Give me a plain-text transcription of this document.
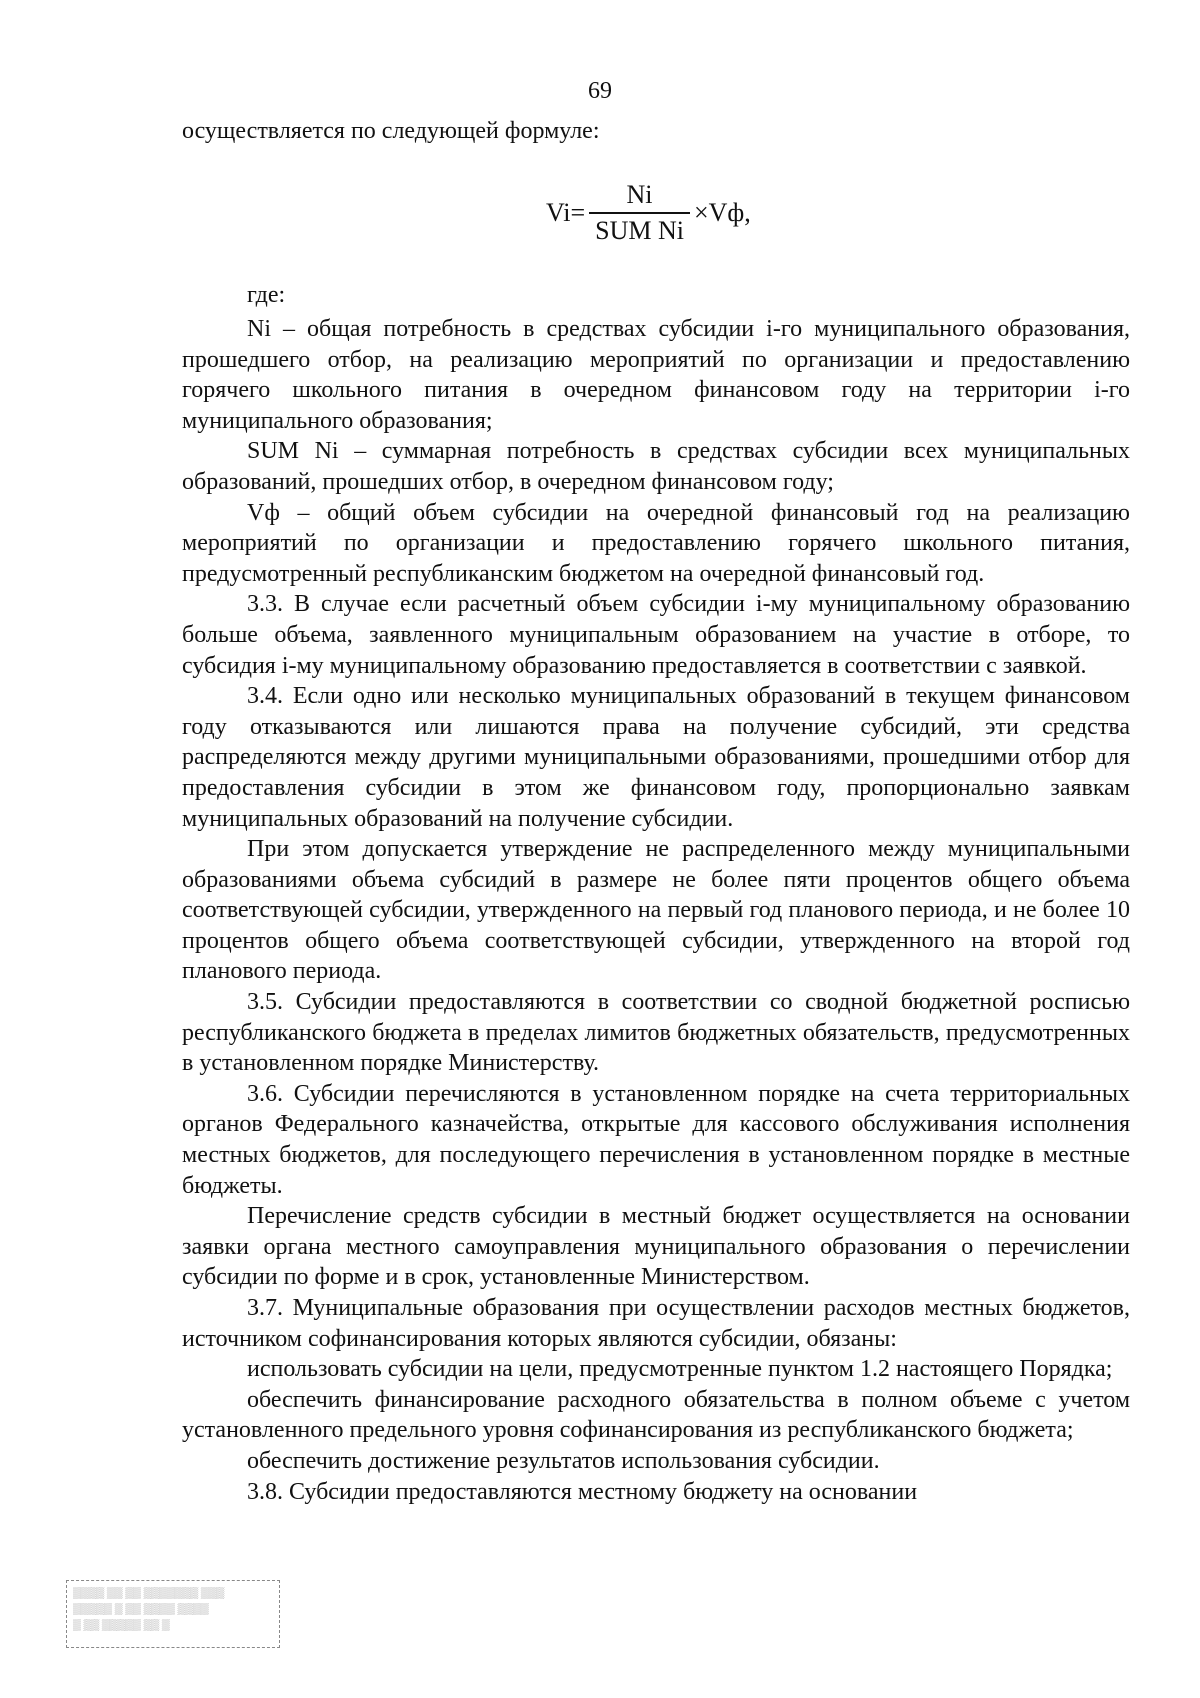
69
осуществляется по следующей формуле:
$Vi= \frac{Ni}{\text{SUM Ni}} \times Vф$,
где:

Ni – общая потребность в средствах субсидии i-го муниципального образования, прошедшего отбор, на реализацию мероприятий по организации и предоставлению горячего школьного питания в очередном финансовом году на территории i-го муниципального образования;

SUM Ni – суммарная потребность в средствах субсидии всех муниципальных образований, прошедших отбор, в очередном финансовом году;

Vф – общий объем субсидии на очередной финансовый год на реализацию мероприятий по организации и предоставлению горячего школьного питания, предусмотренный республиканским бюджетом на очередной финансовый год.

3.3. В случае если расчетный объем субсидии i-му муниципальному образованию больше объема, заявленного муниципальным образованием на участие в отборе, то субсидия i-му муниципальному образованию предоставляется в соответствии с заявкой.

3.4. Если одно или несколько муниципальных образований в текущем финансовом году отказываются или лишаются права на получение субсидий, эти средства распределяются между другими муниципальными образованиями, прошедшими отбор для предоставления субсидии в этом же финансовом году, пропорционально заявкам муниципальных образований на получение субсидии.

При этом допускается утверждение не распределенного между муниципальными образованиями объема субсидий в размере не более пяти процентов общего объема соответствующей субсидии, утвержденного на первый год планового периода, и не более 10 процентов общего объема соответствующей субсидии, утвержденного на второй год планового периода.

3.5. Субсидии предоставляются в соответствии со сводной бюджетной росписью республиканского бюджета в пределах лимитов бюджетных обязательств, предусмотренных в установленном порядке Министерству.

3.6. Субсидии перечисляются в установленном порядке на счета территориальных органов Федерального казначейства, открытые для кассового обслуживания исполнения местных бюджетов, для последующего перечисления в установленном порядке в местные бюджеты.

Перечисление средств субсидии в местный бюджет осуществляется на основании заявки органа местного самоуправления муниципального образования о перечислении субсидии по форме и в срок, установленные Министерством.

3.7. Муниципальные образования при осуществлении расходов местных бюджетов, источником софинансирования которых являются субсидии, обязаны:

использовать субсидии на цели, предусмотренные пунктом 1.2 настоящего Порядка;

обеспечить финансирование расходного обязательства в полном объеме с учетом установленного предельного уровня софинансирования из республиканского бюджета;

обеспечить достижение результатов использования субсидии.

3.8. Субсидии предоставляются местному бюджету на основании

▒▒▒▒ ▒▒ ▒▒ ▒▒▒▒▒▒▒ ▒▒▒
▒▒▒▒▒ ▒ ▒▒ ▒▒▒▒ ▒▒▒▒
▒ ▒▒ ▒▒▒▒▒ ▒▒ ▒
